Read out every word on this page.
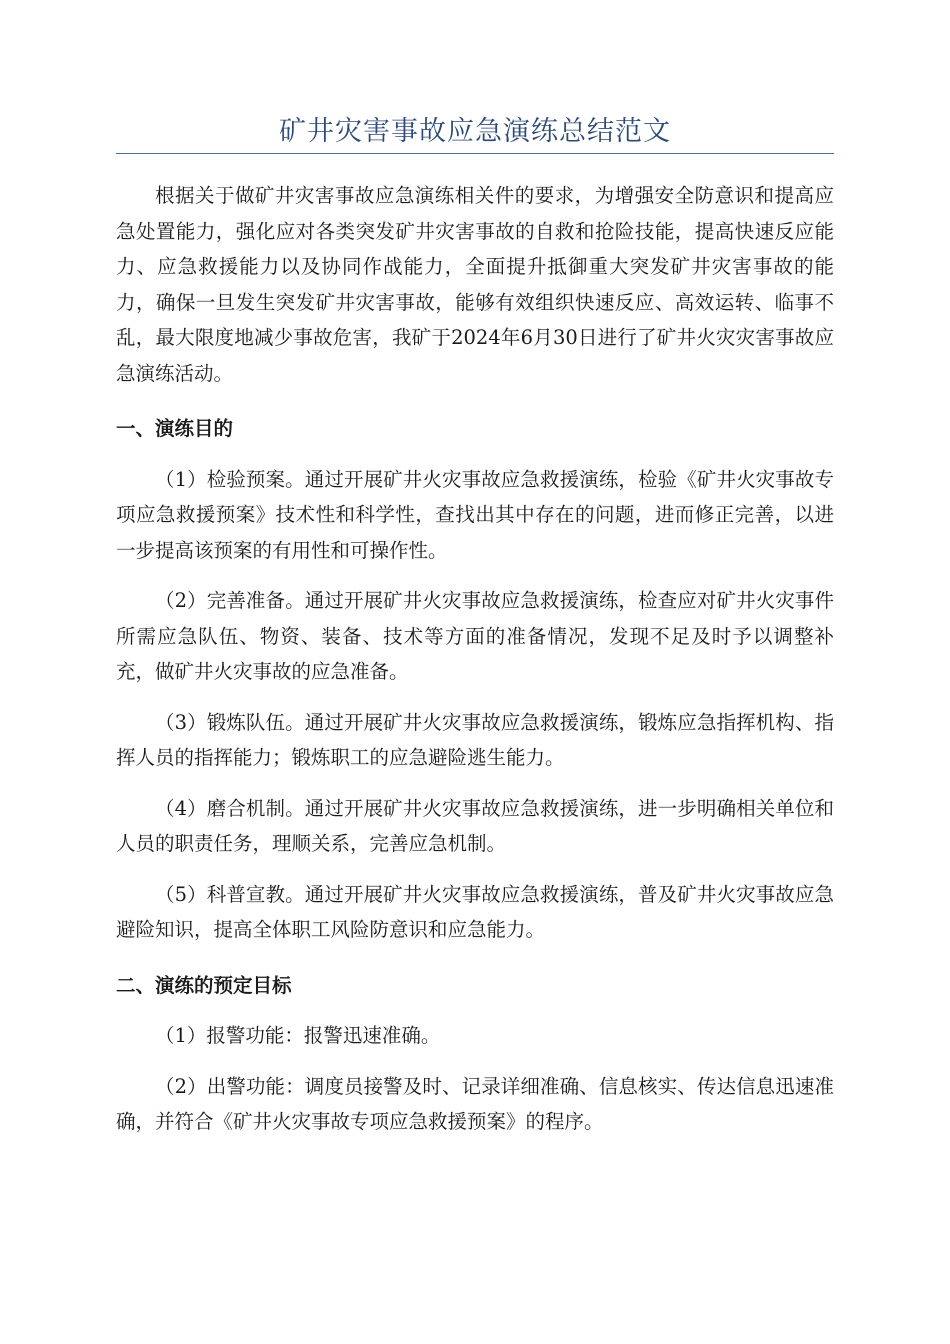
矿井灾害事故应急演练总结范文

根据关于做矿井灾害事故应急演练相关件的要求，为增强安全防意识和提高应急处置能力，强化应对各类突发矿井灾害事故的自救和抢险技能，提高快速反应能力、应急救援能力以及协同作战能力，全面提升抵御重大突发矿井灾害事故的能力，确保一旦发生突发矿井灾害事故，能够有效组织快速反应、高效运转、临事不乱，最大限度地减少事故危害，我矿于2024年6月30日进行了矿井火灾灾害事故应急演练活动。

一、演练目的

（1）检验预案。通过开展矿井火灾事故应急救援演练，检验《矿井火灾事故专项应急救援预案》技术性和科学性，查找出其中存在的问题，进而修正完善，以进一步提高该预案的有用性和可操作性。

（2）完善准备。通过开展矿井火灾事故应急救援演练，检查应对矿井火灾事件所需应急队伍、物资、装备、技术等方面的准备情况，发现不足及时予以调整补充，做矿井火灾事故的应急准备。

（3）锻炼队伍。通过开展矿井火灾事故应急救援演练，锻炼应急指挥机构、指挥人员的指挥能力；锻炼职工的应急避险逃生能力。

（4）磨合机制。通过开展矿井火灾事故应急救援演练，进一步明确相关单位和人员的职责任务，理顺关系，完善应急机制。

（5）科普宣教。通过开展矿井火灾事故应急救援演练，普及矿井火灾事故应急避险知识，提高全体职工风险防意识和应急能力。

二、演练的预定目标

（1）报警功能：报警迅速准确。

（2）出警功能：调度员接警及时、记录详细准确、信息核实、传达信息迅速准确，并符合《矿井火灾事故专项应急救援预案》的程序。
